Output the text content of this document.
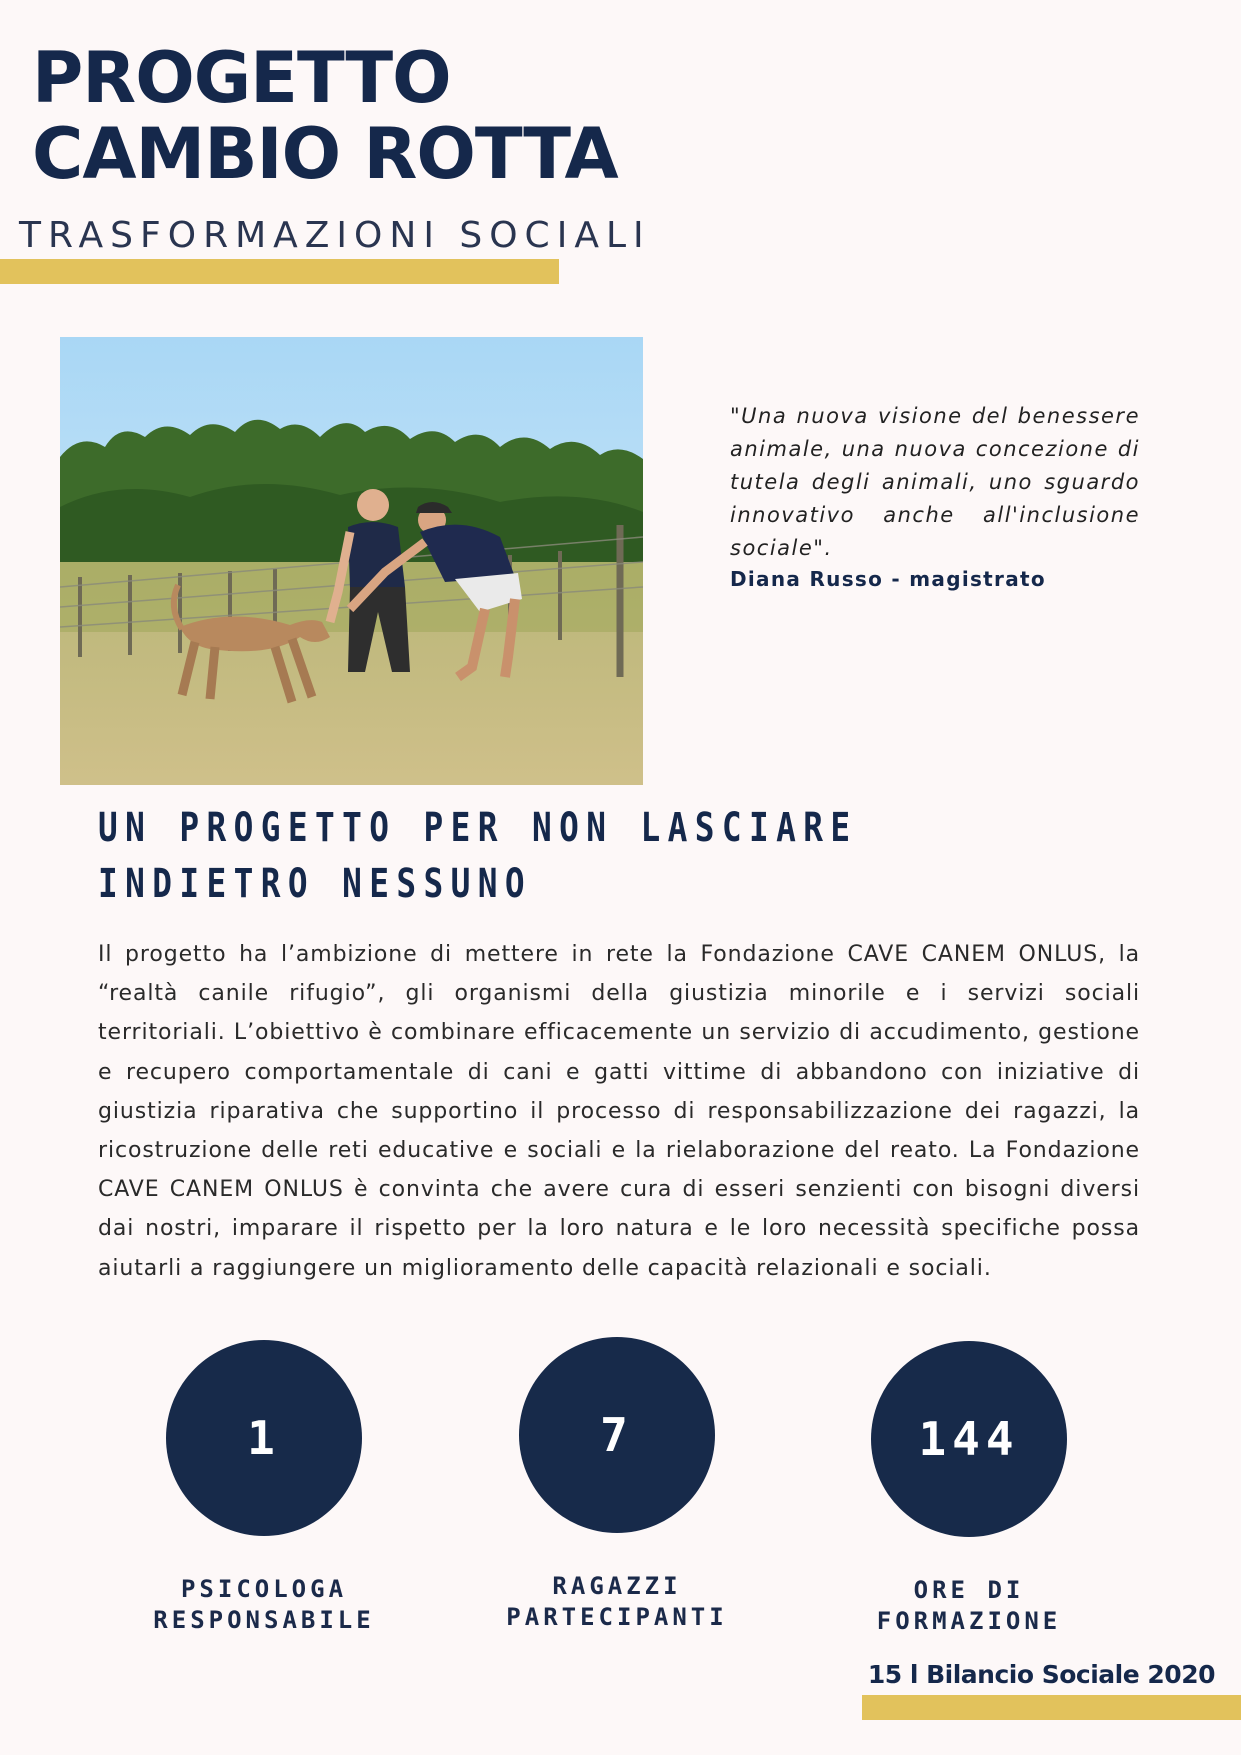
PROGETTO
CAMBIO ROTTA
TRASFORMAZIONI SOCIALI
"Una nuova visione del benessere animale, una nuova concezione di tutela degli animali, uno sguardo innovativo anche all'inclusione sociale".
Diana Russo - magistrato
UN PROGETTO PER NON LASCIARE INDIETRO NESSUNO

Il progetto ha l’ambizione di mettere in rete la Fondazione CAVE CANEM ONLUS, la “realtà canile rifugio”, gli organismi della giustizia minorile e i servizi sociali territoriali. L’obiettivo è combinare efficacemente un servizio di accudimento, gestione e recupero comportamentale di cani e gatti vittime di abbandono con iniziative di giustizia riparativa che supportino il processo di responsabilizzazione dei ragazzi, la ricostruzione delle reti educative e sociali e la rielaborazione del reato. La Fondazione CAVE CANEM ONLUS è convinta che avere cura di esseri senzienti con bisogni diversi dai nostri, imparare il rispetto per la loro natura e le loro necessità specifiche possa aiutarli a raggiungere un miglioramento delle capacità relazionali e sociali.

1
PSICOLOGA
RESPONSABILE
7
RAGAZZI
PARTECIPANTI
144
ORE DI
FORMAZIONE
15 l Bilancio Sociale 2020
